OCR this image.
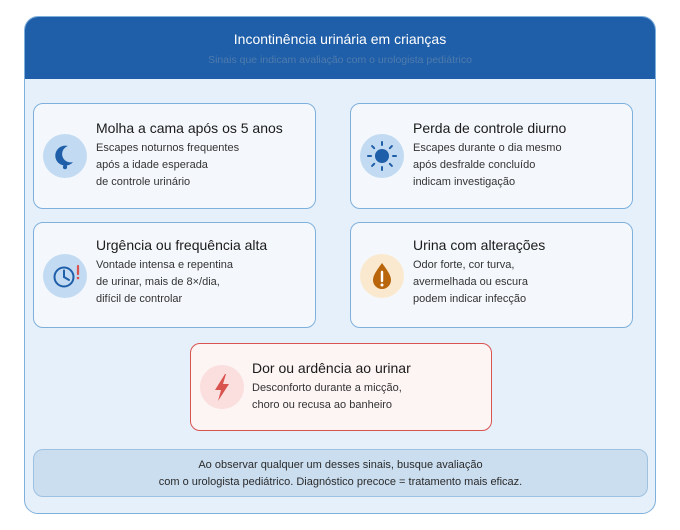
Incontinência urinária em crianças
Sinais que indicam avaliação com o urologista pediátrico
Molha a cama após os 5 anos
Escapes noturnos frequentes
após a idade esperada
de controle urinário
Perda de controle diurno
Escapes durante o dia mesmo
após desfralde concluído
indicam investigação
Urgência ou frequência alta
Vontade intensa e repentina
de urinar, mais de 8×/dia,
difícil de controlar
Urina com alterações
Odor forte, cor turva,
avermelhada ou escura
podem indicar infecção
Dor ou ardência ao urinar
Desconforto durante a micção,
choro ou recusa ao banheiro
Ao observar qualquer um desses sinais, busque avaliação
com o urologista pediátrico. Diagnóstico precoce = tratamento mais eficaz.
